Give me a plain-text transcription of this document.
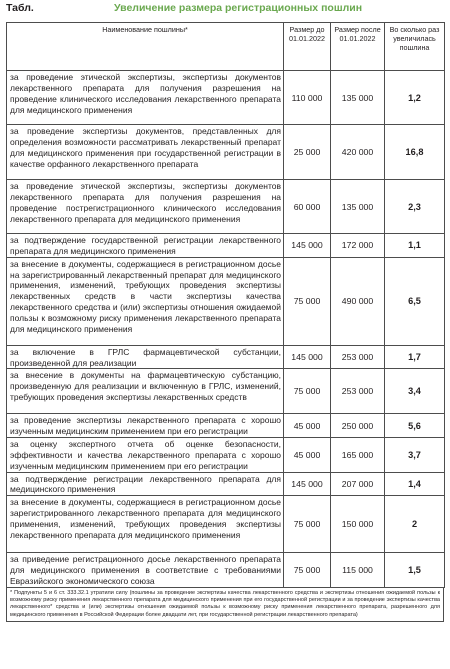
Табл.	Увеличение размера регистрационных пошлин
Наименование пошлины*	Размер до 01.01.2022	Размер после 01.01.2022	Во сколько раз увеличилась пошлина
за проведение этической экспертизы, экспертизы документов лекарственного препарата для получения разрешения на проведение клинического исследования лекарственного препарата для медицинского применения	110 000	135 000	1,2
за проведение экспертизы документов, представленных для определения возможности рассматривать лекарственный препарат для медицинского применения при государственной регистрации в качестве орфанного лекарственного препарата	25 000	420 000	16,8
за проведение этической экспертизы, экспертизы документов лекарственного препарата для получения разрешения на проведение пострегистрационного клинического исследования лекарственного препарата для медицинского применения	60 000	135 000	2,3
за подтверждение государственной регистрации лекарственного препарата для медицинского применения	145 000	172 000	1,1
за внесение в документы, содержащиеся в регистрационном досье на зарегистрированный лекарственный препарат для медицинского применения, изменений, требующих проведения экспертизы лекарственных средств в части экспертизы качества лекарственного средства и (или) экспертизы отношения ожидаемой пользы к возможному риску применения лекарственного препарата для медицинского применения	75 000	490 000	6,5
за включение в ГРЛС фармацевтической субстанции, произведенной для реализации	145 000	253 000	1,7
за внесение в документы на фармацевтическую субстанцию, произведенную для реализации и включенную в ГРЛС, изменений, требующих проведения экспертизы лекарственных средств	75 000	253 000	3,4
за проведение экспертизы лекарственного препарата с хорошо изученным медицинским применением при его регистрации	45 000	250 000	5,6
за оценку экспертного отчета об оценке безопасности, эффективности и качества лекарственного препарата с хорошо изученным медицинским применением при его регистрации	45 000	165 000	3,7
за подтверждение регистрации лекарственного препарата для медицинского применения	145 000	207 000	1,4
за внесение в документы, содержащиеся в регистрационном досье зарегистрированного лекарственного препарата для медицинского применения, изменений, требующих проведения экспертизы лекарственного препарата для медицинского применения	75 000	150 000	2
за приведение регистрационного досье лекарственного препарата для медицинского применения в соответствие с требованиями Евразийского экономического союза	75 000	115 000	1,5
* Подпункты 5 и 6 ст. 333.32.1 утратили силу (пошлины за проведение экспертизы качества лекарственного средства и экспертизы отношения ожидаемой пользы к возможному риску применения лекарственного препарата для медицинского применения при его государственной регистрации и за проведение экспертизы качества лекарственного* средства и (или) экспертизы отношения ожидаемой пользы к возможному риску применения лекарственного препарата, разрешенного для медицинского применения в Российской Федерации более двадцати лет, при государственной регистрации лекарственного препарата)
